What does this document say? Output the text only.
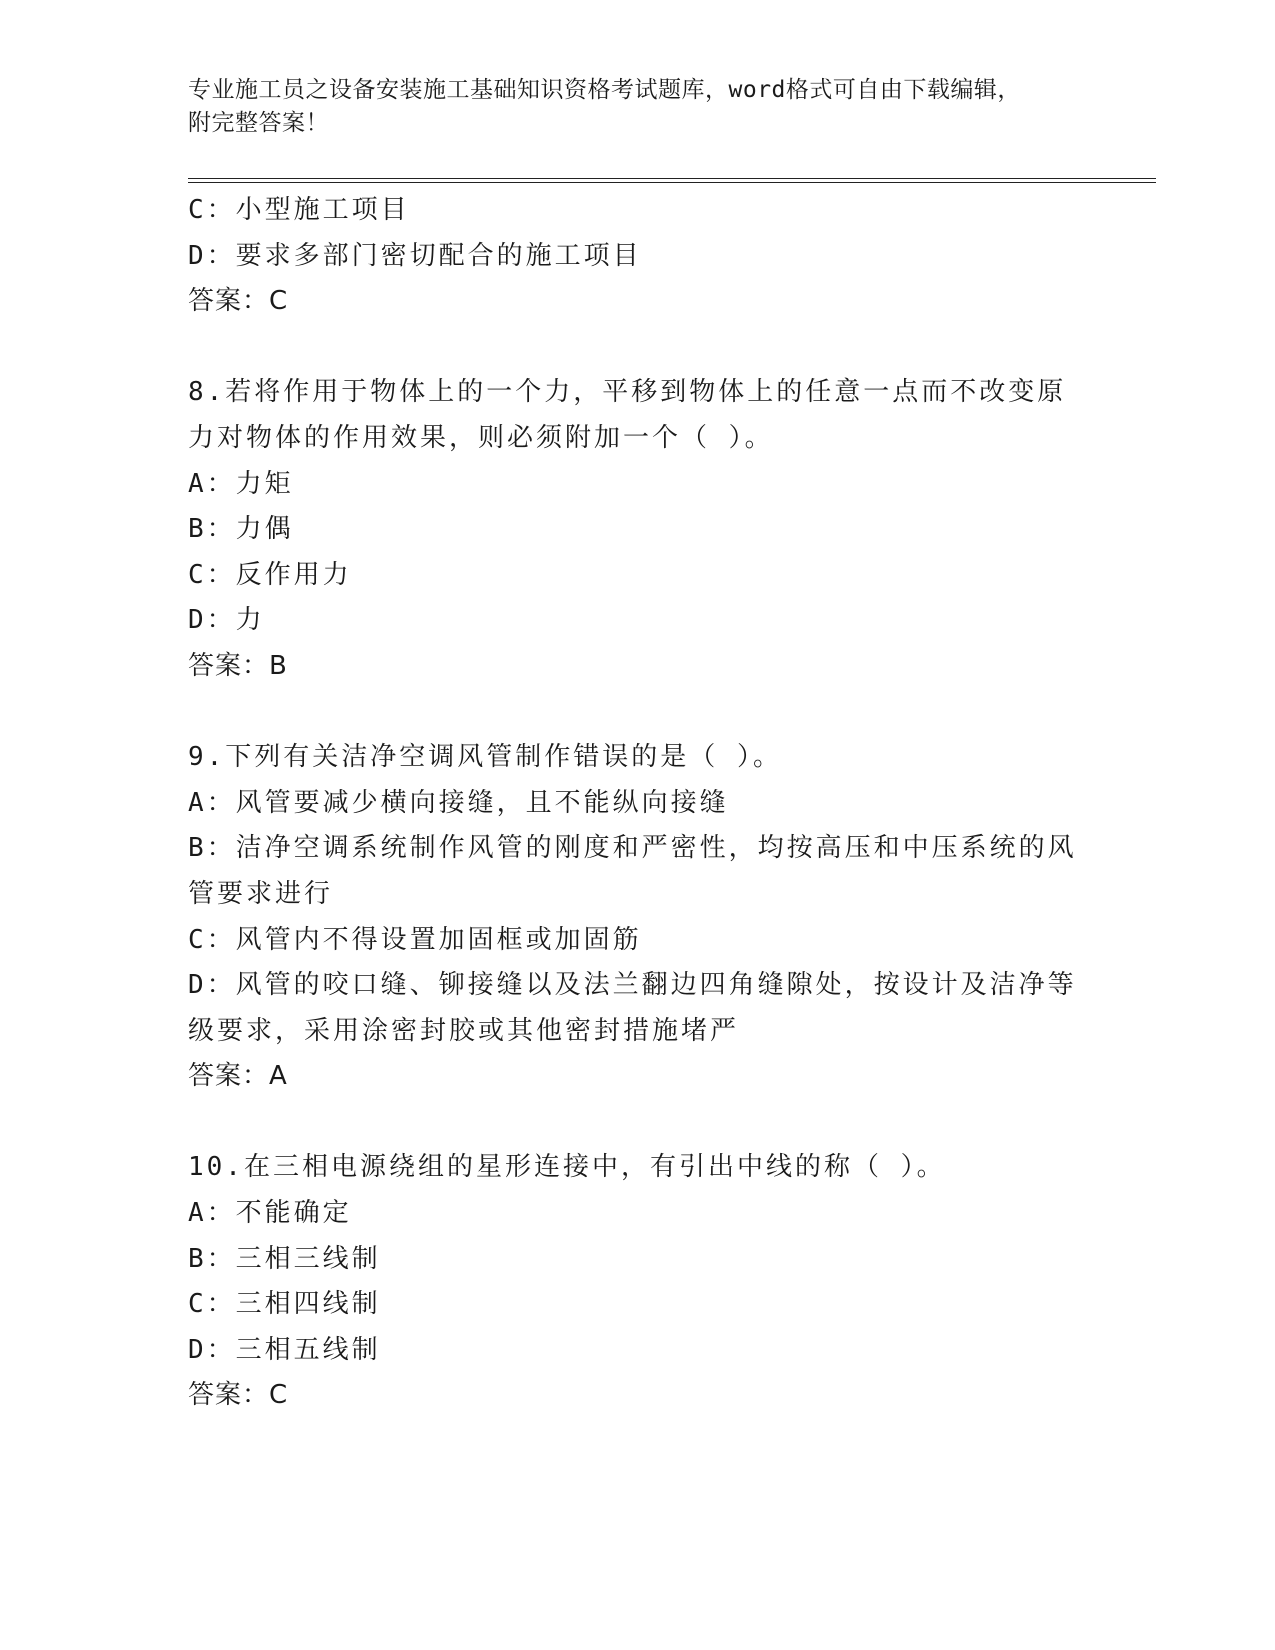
专业施工员之设备安装施工基础知识资格考试题库，word格式可自由下载编辑，
附完整答案！
C：小型施工项目
D：要求多部门密切配合的施工项目
答案：C
8.若将作用于物体上的一个力，平移到物体上的任意一点而不改变原
力对物体的作用效果，则必须附加一个（ ）。
A：力矩
B：力偶
C：反作用力
D：力
答案：B
9.下列有关洁净空调风管制作错误的是（ ）。
A：风管要减少横向接缝，且不能纵向接缝
B：洁净空调系统制作风管的刚度和严密性，均按高压和中压系统的风
管要求进行
C：风管内不得设置加固框或加固筋
D：风管的咬口缝、铆接缝以及法兰翻边四角缝隙处，按设计及洁净等
级要求，采用涂密封胶或其他密封措施堵严
答案：A
10.在三相电源绕组的星形连接中，有引出中线的称（ ）。
A：不能确定
B：三相三线制
C：三相四线制
D：三相五线制
答案：C
